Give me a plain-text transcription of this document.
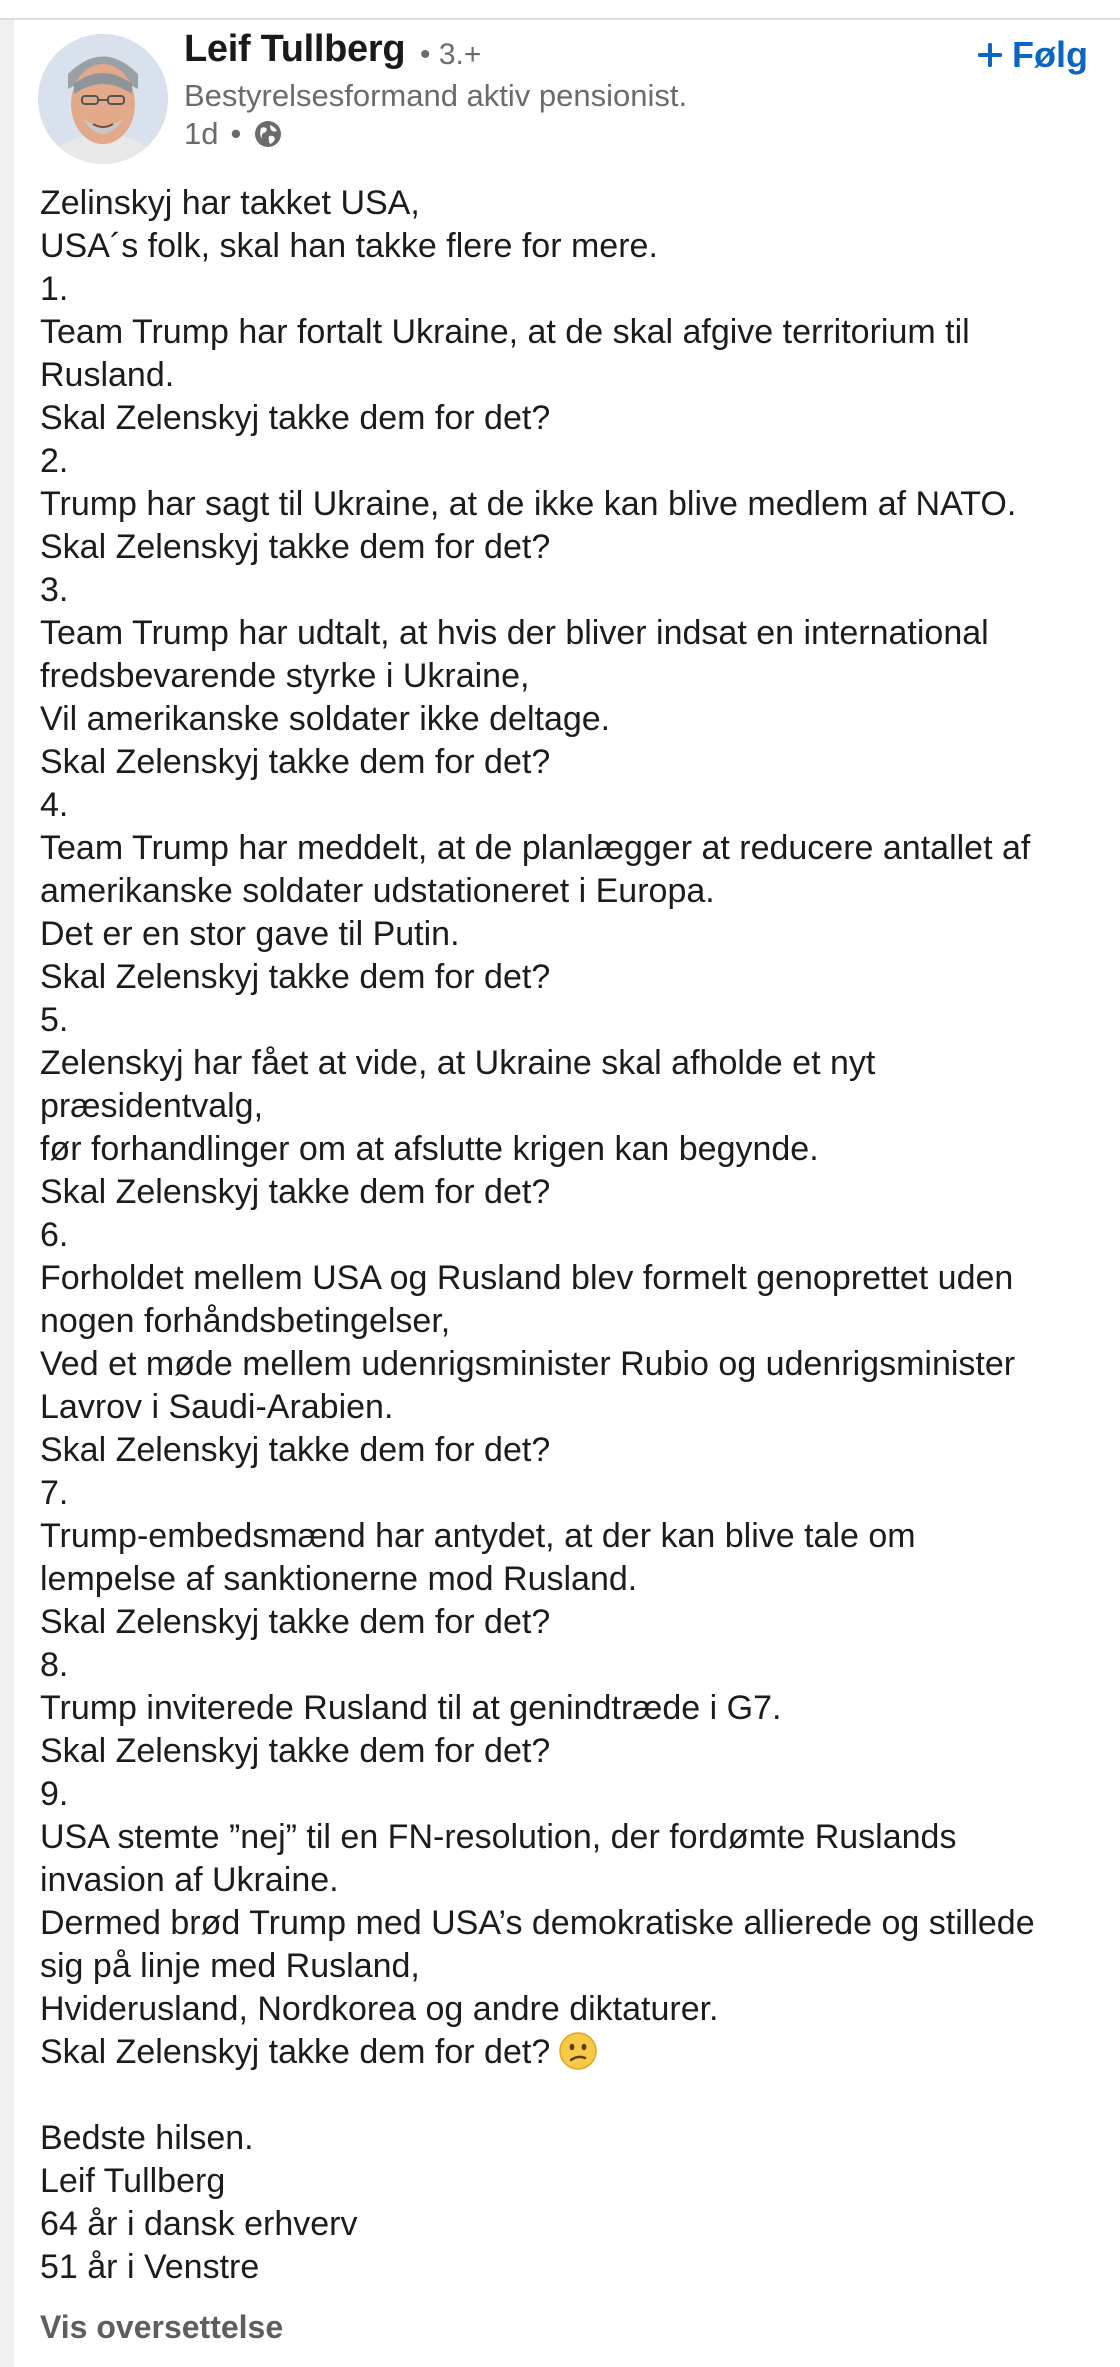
Leif Tullberg • 3.+
Bestyrelsesformand aktiv pensionist.
1d •
Følg
Zelinskyj har takket USA,
USA´s folk, skal han takke flere for mere.
1.
Team Trump har fortalt Ukraine, at de skal afgive territorium til
Rusland.
Skal Zelenskyj takke dem for det?
2.
Trump har sagt til Ukraine, at de ikke kan blive medlem af NATO.
Skal Zelenskyj takke dem for det?
3.
Team Trump har udtalt, at hvis der bliver indsat en international
fredsbevarende styrke i Ukraine,
Vil amerikanske soldater ikke deltage.
Skal Zelenskyj takke dem for det?
4.
Team Trump har meddelt, at de planlægger at reducere antallet af
amerikanske soldater udstationeret i Europa.
Det er en stor gave til Putin.
Skal Zelenskyj takke dem for det?
5.
Zelenskyj har fået at vide, at Ukraine skal afholde et nyt
præsidentvalg,
før forhandlinger om at afslutte krigen kan begynde.
Skal Zelenskyj takke dem for det?
6.
Forholdet mellem USA og Rusland blev formelt genoprettet uden
nogen forhåndsbetingelser,
Ved et møde mellem udenrigsminister Rubio og udenrigsminister
Lavrov i Saudi-Arabien.
Skal Zelenskyj takke dem for det?
7.
Trump-embedsmænd har antydet, at der kan blive tale om
lempelse af sanktionerne mod Rusland.
Skal Zelenskyj takke dem for det?
8.
Trump inviterede Rusland til at genindtræde i G7.
Skal Zelenskyj takke dem for det?
9.
USA stemte ”nej” til en FN-resolution, der fordømte Ruslands
invasion af Ukraine.
Dermed brød Trump med USA’s demokratiske allierede og stillede
sig på linje med Rusland,
Hviderusland, Nordkorea og andre diktaturer.
Skal Zelenskyj takke dem for det?
Bedste hilsen.
Leif Tullberg
64 år i dansk erhverv
51 år i Venstre
Vis oversettelse
